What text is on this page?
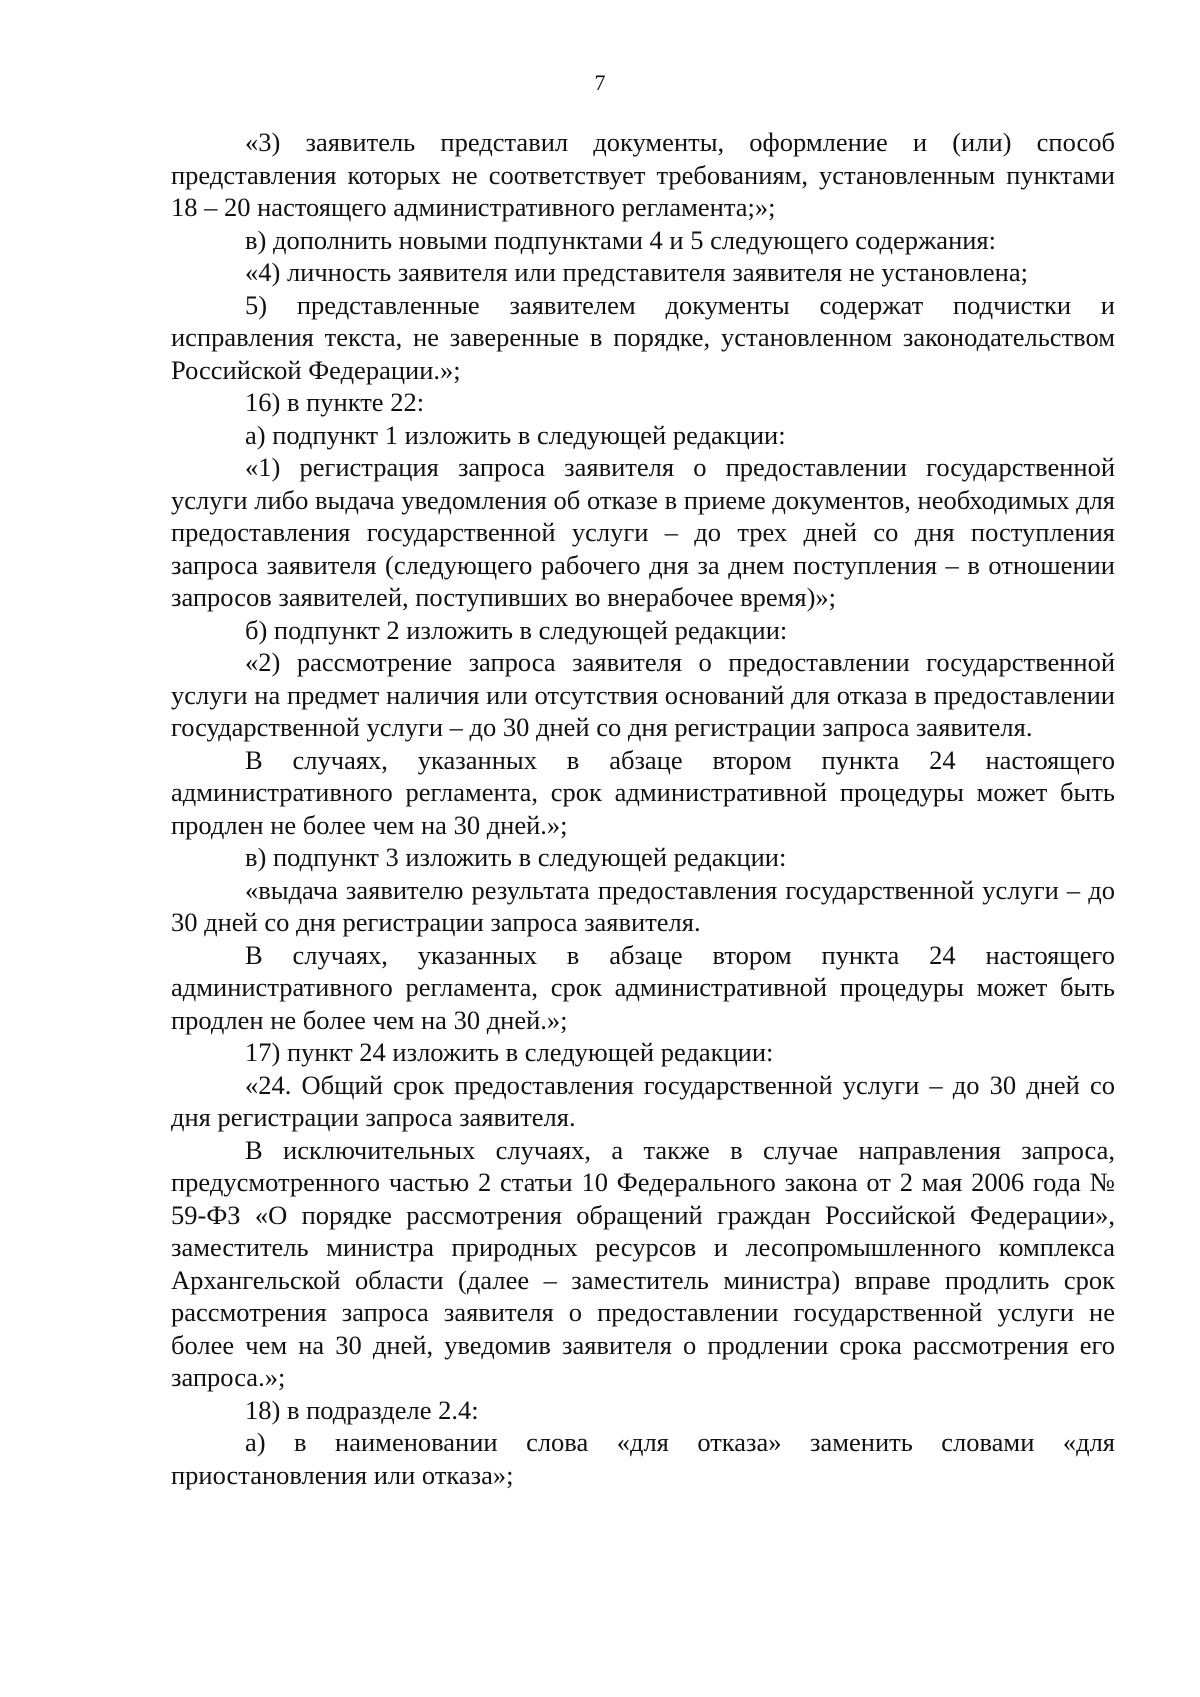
7

«3) заявитель представил документы, оформление и (или) способ представления которых не соответствует требованиям, установленным пунктами 18 – 20 настоящего административного регламента;»;

в) дополнить новыми подпунктами 4 и 5 следующего содержания:

«4) личность заявителя или представителя заявителя не установлена;

5) представленные заявителем документы содержат подчистки и исправления текста, не заверенные в порядке, установленном законодательством Российской Федерации.»;

16) в пункте 22:

а) подпункт 1 изложить в следующей редакции:

«1) регистрация запроса заявителя о предоставлении государственной услуги либо выдача уведомления об отказе в приеме документов, необходимых для предоставления государственной услуги – до трех дней со дня поступления запроса заявителя (следующего рабочего дня за днем поступления – в отношении запросов заявителей, поступивших во внерабочее время)»;

б) подпункт 2 изложить в следующей редакции:

«2) рассмотрение запроса заявителя о предоставлении государственной услуги на предмет наличия или отсутствия оснований для отказа в предоставлении государственной услуги – до 30 дней со дня регистрации запроса заявителя.

В случаях, указанных в абзаце втором пункта 24 настоящего административного регламента, срок административной процедуры может быть продлен не более чем на 30 дней.»;

в) подпункт 3 изложить в следующей редакции:

«выдача заявителю результата предоставления государственной услуги – до 30 дней со дня регистрации запроса заявителя.

В случаях, указанных в абзаце втором пункта 24 настоящего административного регламента, срок административной процедуры может быть продлен не более чем на 30 дней.»;

17) пункт 24 изложить в следующей редакции:

«24. Общий срок предоставления государственной услуги – до 30 дней со дня регистрации запроса заявителя.

В исключительных случаях, а также в случае направления запроса, предусмотренного частью 2 статьи 10 Федерального закона от 2 мая 2006 года № 59-ФЗ «О порядке рассмотрения обращений граждан Российской Федерации», заместитель министра природных ресурсов и лесопромышленного комплекса Архангельской области (далее – заместитель министра) вправе продлить срок рассмотрения запроса заявителя о предоставлении государственной услуги не более чем на 30 дней, уведомив заявителя о продлении срока рассмотрения его запроса.»;

18) в подразделе 2.4:

а) в наименовании слова «для отказа» заменить словами «для приостановления или отказа»;
